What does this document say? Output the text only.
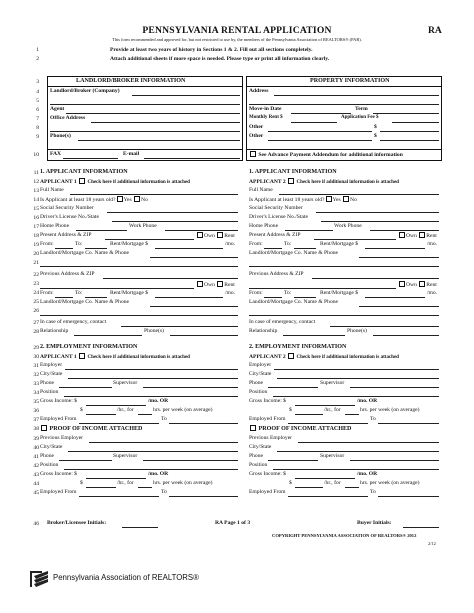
PENNSYLVANIA RENTAL APPLICATION	RA
This form recommended and approved for, but not restricted to use by, the members of the Pennsylvania Association of REALTORS® (PAR).
1
2
Provide at least two years of history in Sections 1 & 2. Fill out all sections completely.
Attach additional sheets if more space is needed. Please type or print all information clearly.
3	LANDLORD/BROKER INFORMATION	PROPERTY INFORMATION
4 Landlord/Broker (Company)	Address
5
6 Agent	Move-in Date	Term
7 Office Address	Monthly Rent $	Application Fee $
8	Other	$
9 Phone(s)	Other	$
10 FAX	E-mail	See Advance Payment Addendum for additional information
11 1. APPLICANT INFORMATION	1. APPLICANT INFORMATION
12 APPLICANT 1 Check here if additional information is attached	APPLICANT 2 Check here if additional information is attached
13 Full Name	Full Name
14 Is Applicant at least 18 years old? Yes No	Is Applicant at least 18 years old? Yes No
15 Social Security Number	Social Security Number
16 Driver's License No./State	Driver's License No./State
17 Home Phone	Work Phone	Home Phone	Work Phone
18 Present Address & ZIP	Own Rent	Present Address & ZIP	Own Rent
19 From:	To:	Rent/Mortgage $	/mo. From:	To:	Rent/Mortgage $	/mo.
20 Landlord/Mortgage Co. Name & Phone	Landlord/Mortgage Co. Name & Phone
21
22 Previous Address & ZIP	Previous Address & ZIP
23	Own Rent	Own Rent
24 From:	To:	Rent/Mortgage $	/mo. From:	To:	Rent/Mortgage $	/mo.
25 Landlord/Mortgage Co. Name & Phone	Landlord/Mortgage Co. Name & Phone
26
27 In case of emergency, contact	In case of emergency, contact
28 Relationship	Phone(s)	Relationship	Phone(s)
29 2. EMPLOYMENT INFORMATION	2. EMPLOYMENT INFORMATION
30 APPLICANT 1 Check here if additional information is attached	APPLICANT 2 Check here if additional information is attached
31 Employer	Employer
32 City/State	City/State
33 Phone	Supervisor	Phone	Supervisor
34 Position	Position
35 Gross Income: $	/mo. OR	Gross Income: $	/mo. OR
36	$	/hr., for	hrs. per week (on average)	$	/hr., for	hrs. per week (on average)
37 Employed From	To	Employed From	To
38	PROOF OF INCOME ATTACHED	PROOF OF INCOME ATTACHED
39 Previous Employer	Previous Employer
40 City/State	City/State
41 Phone	Supervisor	Phone	Supervisor
42 Position	Position
43 Gross Income: $	/mo. OR	Gross Income: $	/mo. OR
44	$	/hr., for	hrs. per week (on average)	$	/hr., for	hrs. per week (on average)
45 Employed From	To	Employed From	To
46 Broker/Licensee Initials:	RA Page 1 of 3	Buyer Initials:
COPYRIGHT PENNSYLVANIA ASSOCIATION OF REALTORS® 2012
2/12
Pennsylvania Association of REALTORS®
